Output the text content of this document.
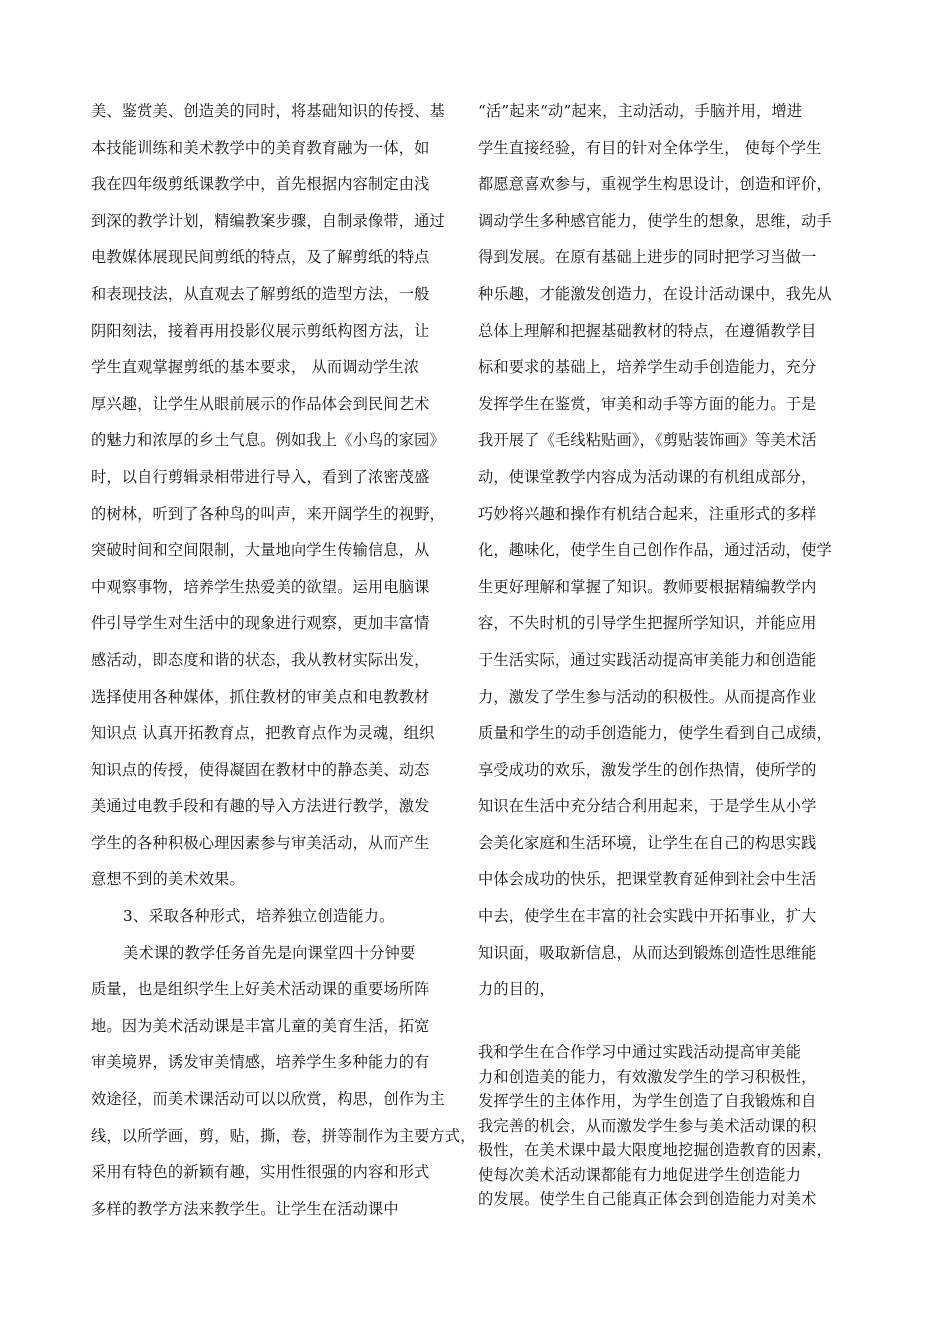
美、鉴赏美、创造美的同时，将基础知识的传授、基
本技能训练和美术教学中的美育教育融为一体，如
我在四年级剪纸课教学中，首先根据内容制定由浅
到深的教学计划，精编教案步骤，自制录像带，通过
电教媒体展现民间剪纸的特点，及了解剪纸的特点
和表现技法，从直观去了解剪纸的造型方法，一般
阴阳刻法，接着再用投影仪展示剪纸构图方法，让
学生直观掌握剪纸的基本要求， 从而调动学生浓
厚兴趣，让学生从眼前展示的作品体会到民间艺术
的魅力和浓厚的乡土气息。例如我上《小鸟的家园》
时，以自行剪辑录相带进行导入，看到了浓密茂盛
的树林，听到了各种鸟的叫声，来开阔学生的视野，
突破时间和空间限制，大量地向学生传输信息，从
中观察事物，培养学生热爱美的欲望。运用电脑课
件引导学生对生活中的现象进行观察，更加丰富情
感活动，即态度和谐的状态，我从教材实际出发，
选择使用各种媒体，抓住教材的审美点和电教教材
知识点 认真开拓教育点，把教育点作为灵魂，组织
知识点的传授，使得凝固在教材中的静态美、动态
美通过电教手段和有趣的导入方法进行教学，激发
学生的各种积极心理因素参与审美活动，从而产生
意想不到的美术效果。
3、采取各种形式，培养独立创造能力。
美术课的教学任务首先是向课堂四十分钟要
质量，也是组织学生上好美术活动课的重要场所阵
地。因为美术活动课是丰富儿童的美育生活，拓宽
审美境界，诱发审美情感，培养学生多种能力的有
效途径，而美术课活动可以以欣赏，构思，创作为主
线，以所学画，剪，贴，撕，卷，拼等制作为主要方式，
采用有特色的新颖有趣，实用性很强的内容和形式
多样的教学方法来教学生。让学生在活动课中
“活”起来“动”起来，主动活动，手脑并用，增进
学生直接经验，有目的针对全体学生， 使每个学生
都愿意喜欢参与，重视学生构思设计，创造和评价，
调动学生多种感官能力，使学生的想象，思维，动手
得到发展。在原有基础上进步的同时把学习当做一
种乐趣，才能激发创造力，在设计活动课中，我先从
总体上理解和把握基础教材的特点，在遵循教学目
标和要求的基础上，培养学生动手创造能力，充分
发挥学生在鉴赏，审美和动手等方面的能力。于是
我开展了《毛线粘贴画》，《剪贴装饰画》等美术活
动，使课堂教学内容成为活动课的有机组成部分，
巧妙将兴趣和操作有机结合起来，注重形式的多样
化，趣味化，使学生自己创作作品，通过活动，使学
生更好理解和掌握了知识。教师要根据精编教学内
容，不失时机的引导学生把握所学知识，并能应用
于生活实际，通过实践活动提高审美能力和创造能
力，激发了学生参与活动的积极性。从而提高作业
质量和学生的动手创造能力，使学生看到自己成绩，
享受成功的欢乐，激发学生的创作热情，使所学的
知识在生活中充分结合利用起来，于是学生从小学
会美化家庭和生活环境，让学生在自己的构思实践
中体会成功的快乐，把课堂教育延伸到社会中生活
中去，使学生在丰富的社会实践中开拓事业，扩大
知识面，吸取新信息，从而达到锻炼创造性思维能
力的目的，
我和学生在合作学习中通过实践活动提高审美能
力和创造美的能力，有效激发学生的学习积极性，
发挥学生的主体作用，为学生创造了自我锻炼和自
我完善的机会，从而激发学生参与美术活动课的积
极性，在美术课中最大限度地挖掘创造教育的因素，
使每次美术活动课都能有力地促进学生创造能力
的发展。使学生自己能真正体会到创造能力对美术
